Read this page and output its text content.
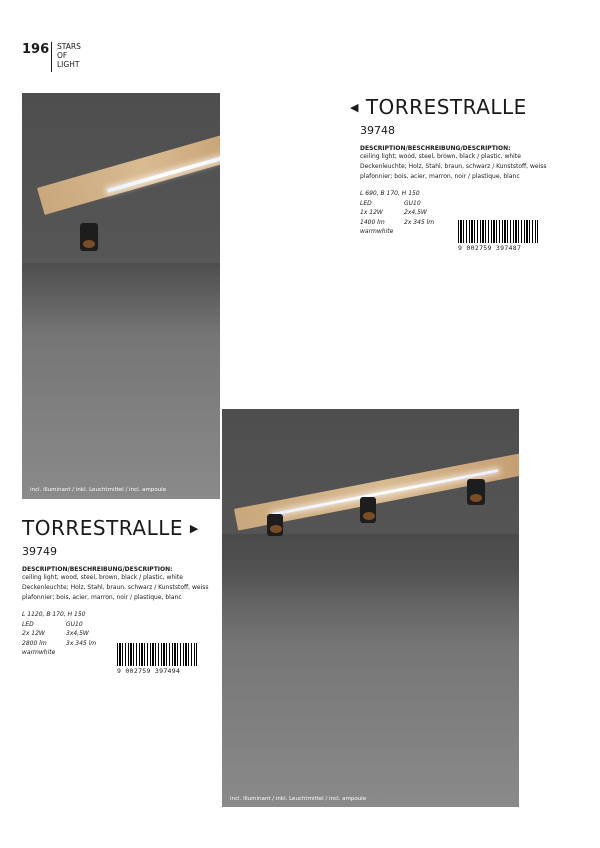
196 STARS
OF
LIGHT
incl. illuminant / inkl. Leuchtmittel / incl. ampoule
◀ TORRESTRALLE
39748
DESCRIPTION/BESCHREIBUNG/DESCRIPTION:
ceiling light; wood, steel, brown, black / plastic, white
Deckenleuchte; Holz, Stahl, braun, schwarz / Kunststoff, weiss
plafonnier; bois, acier, marron, noir / plastique, blanc
L 690, B 170, H 150
LED	GU10
1x 12W	2x4,5W
1400 lm	2x 345 lm
warmwhite
9 002759 397487
TORRESTRALLE ▶
39749
DESCRIPTION/BESCHREIBUNG/DESCRIPTION:
ceiling light; wood, steel, brown, black / plastic, white
Deckenleuchte; Holz, Stahl, braun, schwarz / Kunststoff, weiss
plafonnier; bois, acier, marron, noir / plastique, blanc
L 1120, B 170, H 150
LED	GU10
2x 12W	3x4,5W
2800 lm	3x 345 lm
warmwhite
9 002759 397494
incl. illuminant / inkl. Leuchtmittel / incl. ampoule
